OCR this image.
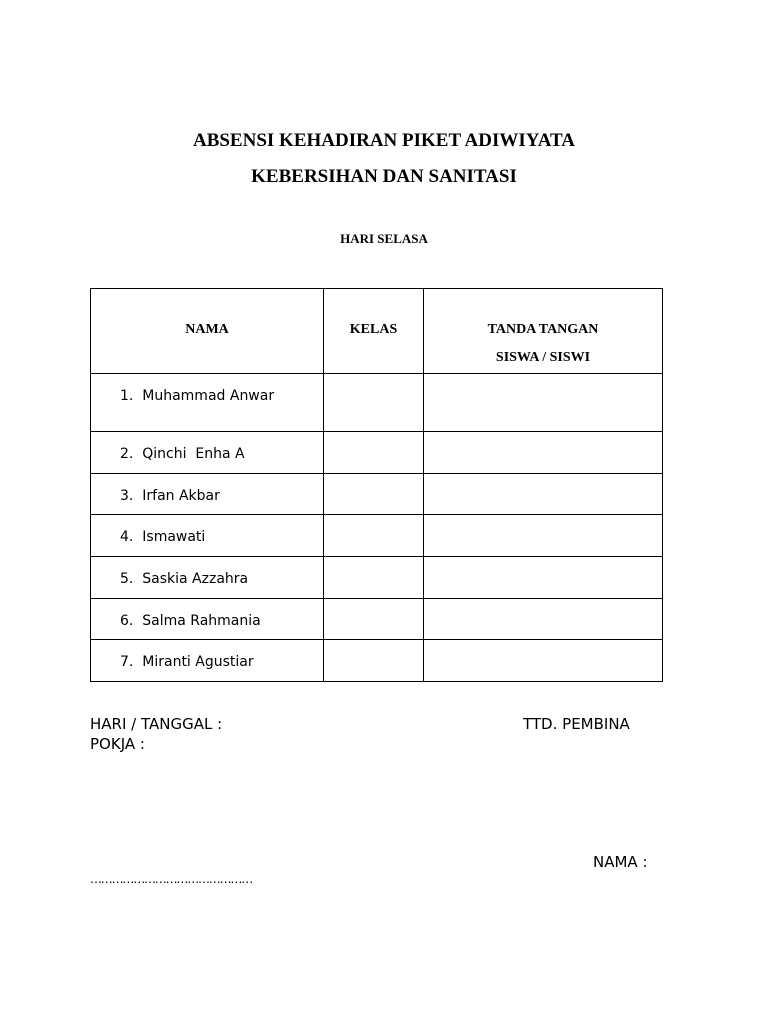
ABSENSI KEHADIRAN PIKET ADIWIYATA
KEBERSIHAN DAN SANITASI
HARI SELASA
NAMA	KELAS	TANDA TANGAN
SISWA / SISWI
1. Muhammad Anwar		
2. Qinchi  Enha A		
3. Irfan Akbar		
4. Ismawati		
5. Saskia Azzahra		
6. Salma Rahmania		
7. Miranti Agustiar		
HARI / TANGGAL :
POKJA :
TTD. PEMBINA
NAMA :
………………………………………
